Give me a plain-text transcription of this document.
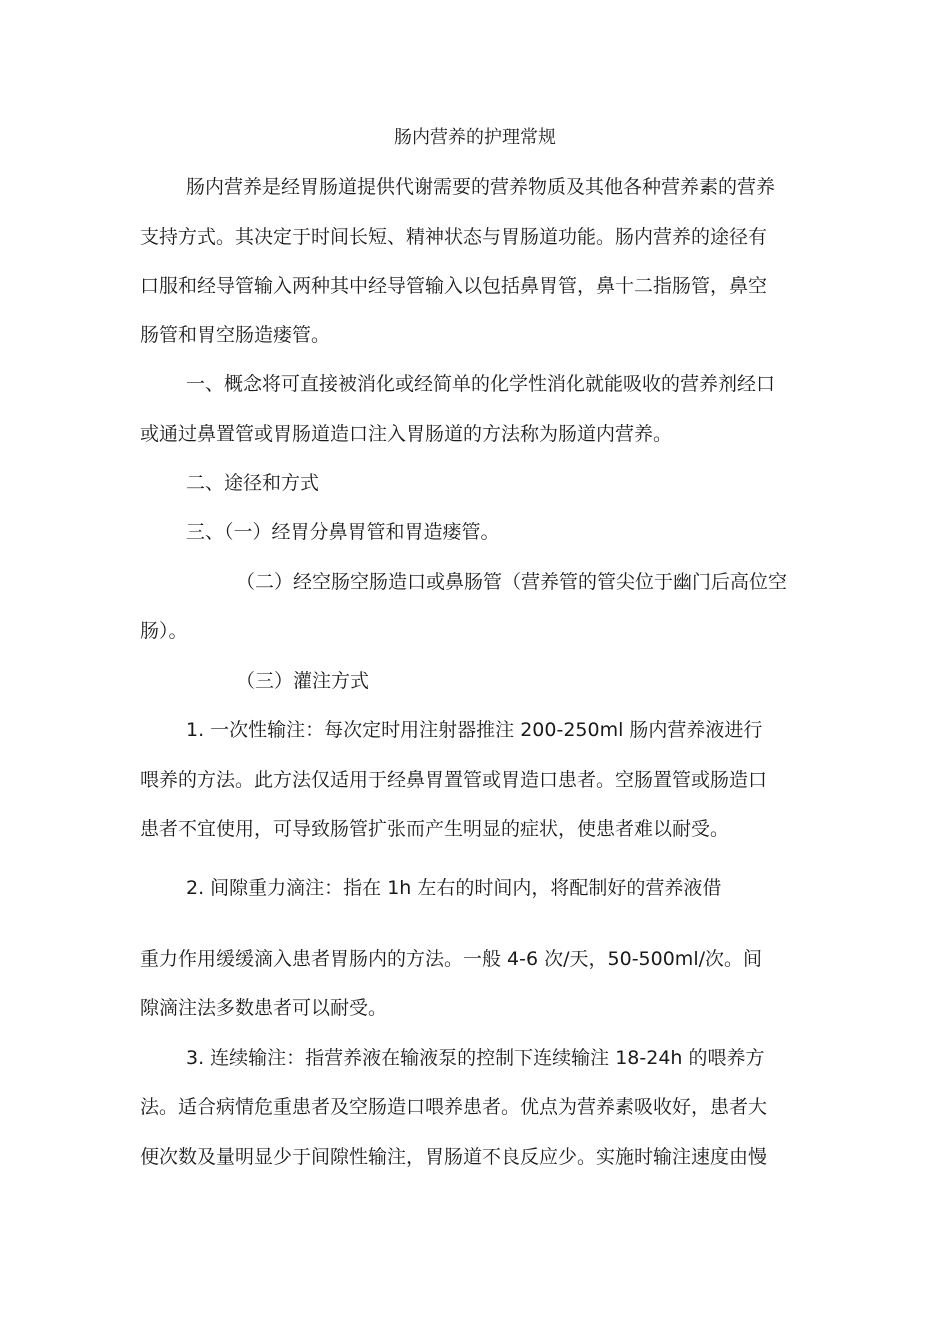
肠内营养的护理常规
肠内营养是经胃肠道提供代谢需要的营养物质及其他各种营养素的营养
支持方式。其决定于时间长短、精神状态与胃肠道功能。肠内营养的途径有
口服和经导管输入两种其中经导管输入以包括鼻胃管，鼻十二指肠管，鼻空
肠管和胃空肠造瘘管。
一、概念将可直接被消化或经简单的化学性消化就能吸收的营养剂经口
或通过鼻置管或胃肠道造口注入胃肠道的方法称为肠道内营养。
二、途径和方式
三、（一）经胃分鼻胃管和胃造瘘管。
（二）经空肠空肠造口或鼻肠管（营养管的管尖位于幽门后高位空
肠）。
（三）灌注方式
1. 一次性输注：每次定时用注射器推注 200-250ml 肠内营养液进行
喂养的方法。此方法仅适用于经鼻胃置管或胃造口患者。空肠置管或肠造口
患者不宜使用，可导致肠管扩张而产生明显的症状，使患者难以耐受。
2. 间隙重力滴注：指在 1h 左右的时间内，将配制好的营养液借
重力作用缓缓滴入患者胃肠内的方法。一般 4-6 次/天，50-500ml/次。间
隙滴注法多数患者可以耐受。
3. 连续输注：指营养液在输液泵的控制下连续输注 18-24h 的喂养方
法。适合病情危重患者及空肠造口喂养患者。优点为营养素吸收好，患者大
便次数及量明显少于间隙性输注，胃肠道不良反应少。实施时输注速度由慢
